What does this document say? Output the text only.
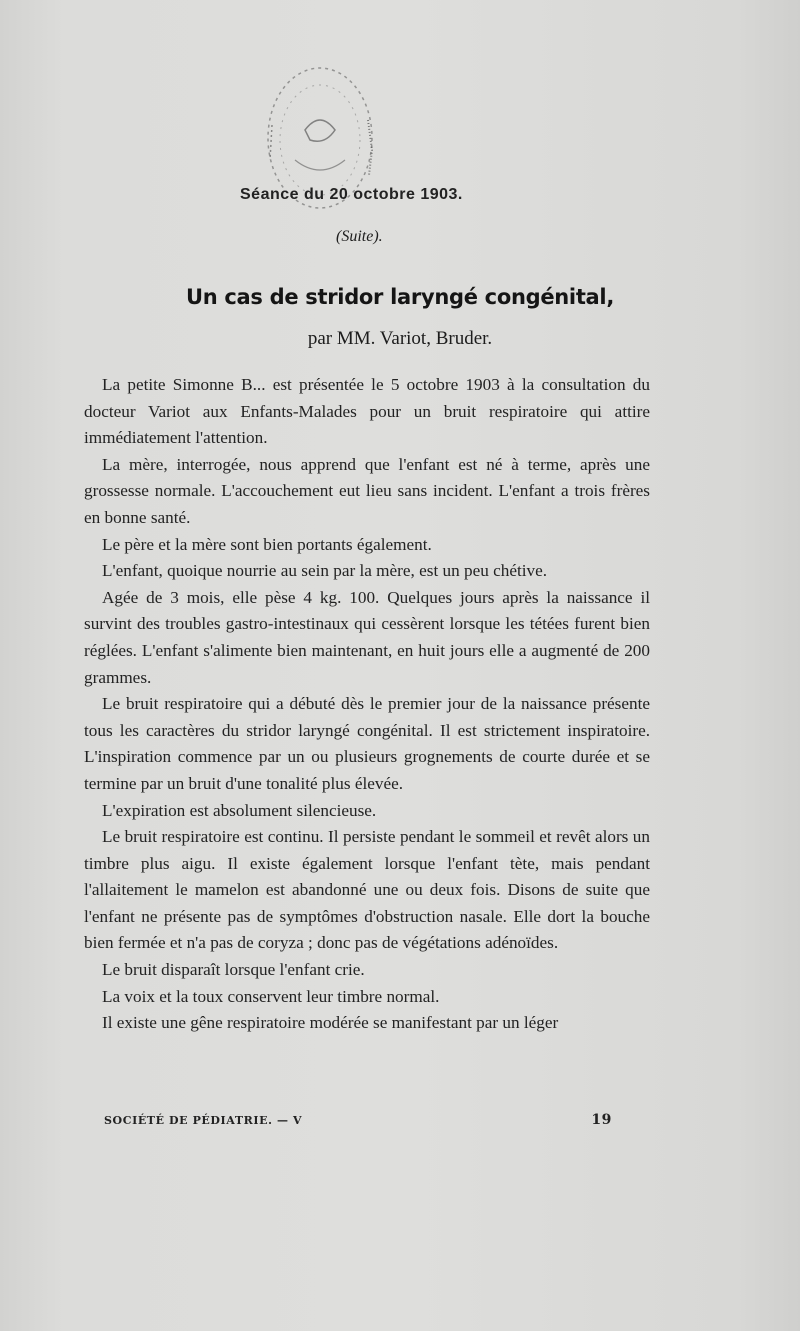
Séance du 20 octobre 1903.
(Suite).
Un cas de stridor laryngé congénital,
par MM. Variot, Bruder.

La petite Simonne B... est présentée le 5 octobre 1903 à la consultation du docteur Variot aux Enfants-Malades pour un bruit respiratoire qui attire immédiatement l'attention.

La mère, interrogée, nous apprend que l'enfant est né à terme, après une grossesse normale. L'accouchement eut lieu sans incident. L'enfant a trois frères en bonne santé.

Le père et la mère sont bien portants également.

L'enfant, quoique nourrie au sein par la mère, est un peu chétive.

Agée de 3 mois, elle pèse 4 kg. 100. Quelques jours après la naissance il survint des troubles gastro-intestinaux qui cessèrent lorsque les tétées furent bien réglées. L'enfant s'alimente bien maintenant, en huit jours elle a augmenté de 200 grammes.

Le bruit respiratoire qui a débuté dès le premier jour de la naissance présente tous les caractères du stridor laryngé congénital. Il est strictement inspiratoire. L'inspiration commence par un ou plusieurs grognements de courte durée et se termine par un bruit d'une tonalité plus élevée.

L'expiration est absolument silencieuse.

Le bruit respiratoire est continu. Il persiste pendant le sommeil et revêt alors un timbre plus aigu. Il existe également lorsque l'enfant tète, mais pendant l'allaitement le mamelon est abandonné une ou deux fois. Disons de suite que l'enfant ne présente pas de symptômes d'obstruction nasale. Elle dort la bouche bien fermée et n'a pas de coryza ; donc pas de végétations adénoïdes.

Le bruit disparaît lorsque l'enfant crie.

La voix et la toux conservent leur timbre normal.

Il existe une gêne respiratoire modérée se manifestant par un léger

SOCIÉTÉ DE PÉDIATRIE. — V	19
